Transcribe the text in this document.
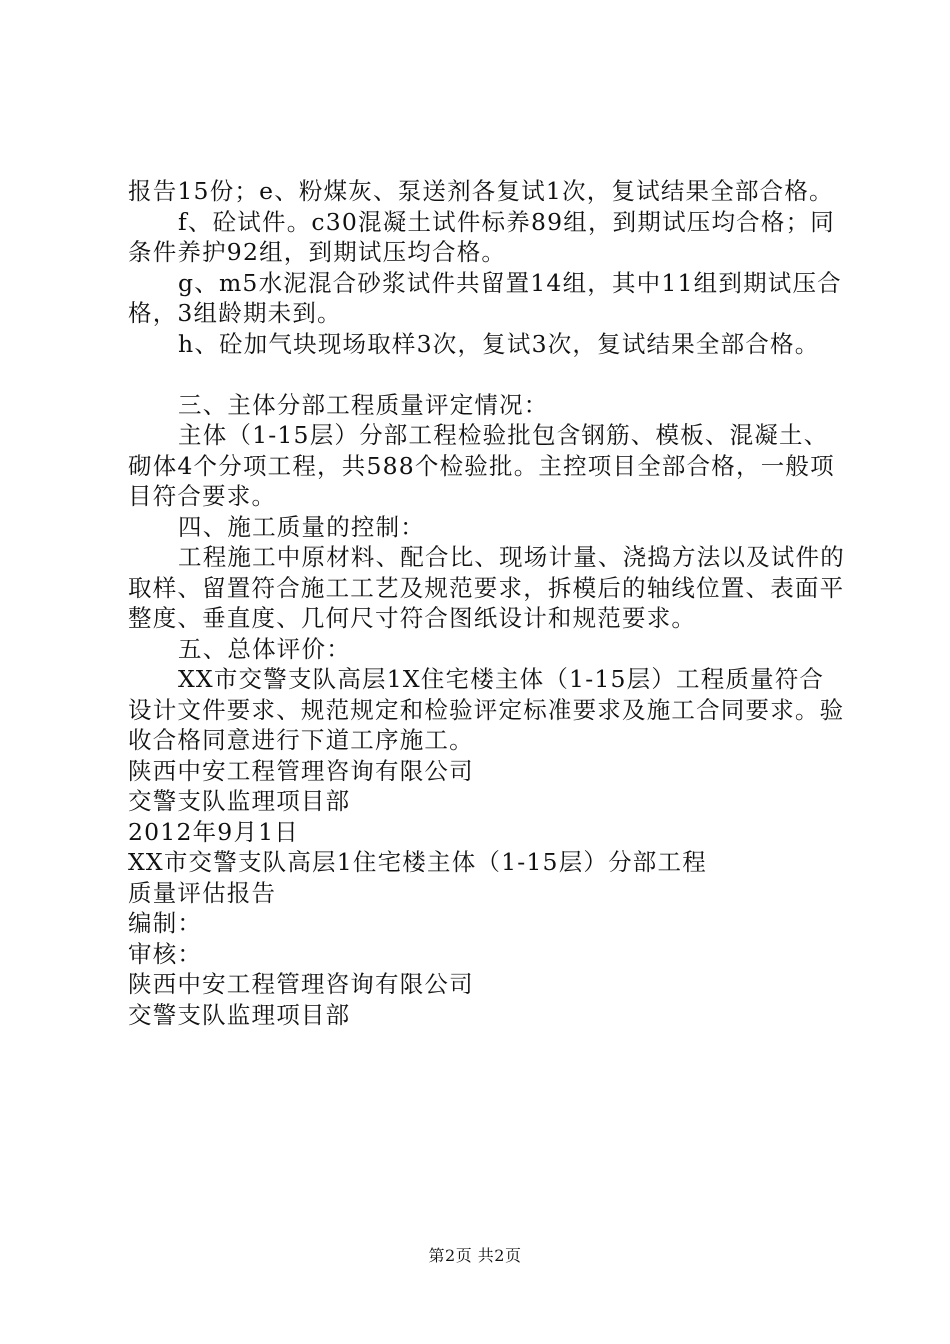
报告15份；e、粉煤灰、泵送剂各复试1次，复试结果全部合格。

f、砼试件。c30混凝土试件标养89组，到期试压均合格；同条件养护92组，到期试压均合格。

g、m5水泥混合砂浆试件共留置14组，其中11组到期试压合格，3组龄期未到。

h、砼加气块现场取样3次，复试3次，复试结果全部合格。

三、主体分部工程质量评定情况：

主体（1-15层）分部工程检验批包含钢筋、模板、混凝土、砌体4个分项工程，共588个检验批。主控项目全部合格，一般项目符合要求。

四、施工质量的控制：

工程施工中原材料、配合比、现场计量、浇捣方法以及试件的取样、留置符合施工工艺及规范要求，拆模后的轴线位置、表面平整度、垂直度、几何尺寸符合图纸设计和规范要求。

五、总体评价：

XX市交警支队高层1X住宅楼主体（1-15层）工程质量符合设计文件要求、规范规定和检验评定标准要求及施工合同要求。验收合格同意进行下道工序施工。

陕西中安工程管理咨询有限公司

交警支队监理项目部

2012年9月1日

XX市交警支队高层1住宅楼主体（1-15层）分部工程

质量评估报告

编制：

审核：

陕西中安工程管理咨询有限公司

交警支队监理项目部

第2页 共2页
